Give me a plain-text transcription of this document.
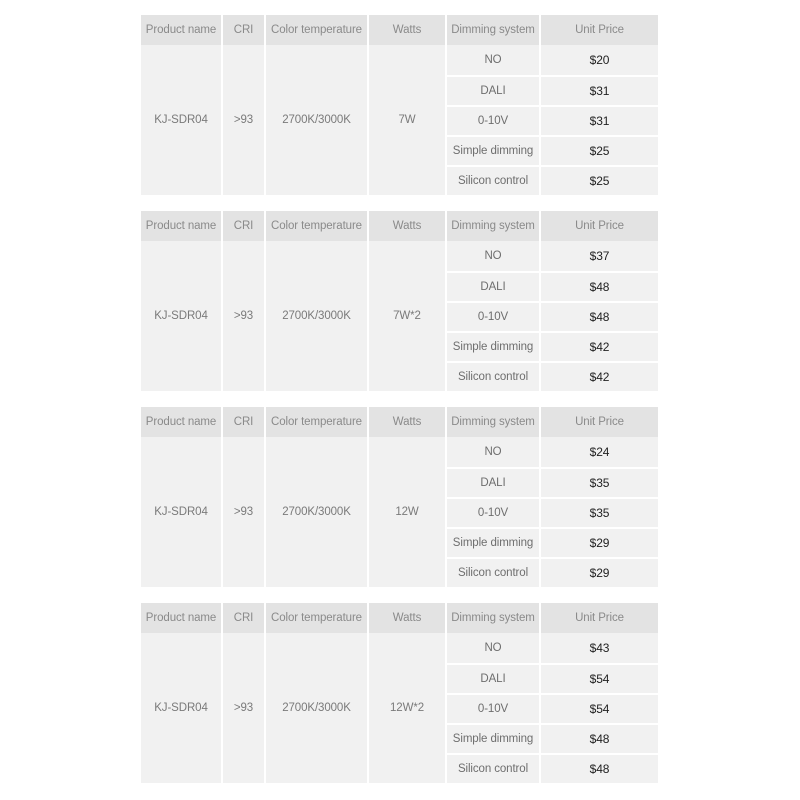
Product name	CRI	Color temperature	Watts	Dimming system	Unit Price
KJ-SDR04	>93	2700K/3000K	7W
NO	$20
DALI	$31
0-10V	$31
Simple dimming	$25
Silicon control	$25
Product name	CRI	Color temperature	Watts	Dimming system	Unit Price
KJ-SDR04	>93	2700K/3000K	7W*2
NO	$37
DALI	$48
0-10V	$48
Simple dimming	$42
Silicon control	$42
Product name	CRI	Color temperature	Watts	Dimming system	Unit Price
KJ-SDR04	>93	2700K/3000K	12W
NO	$24
DALI	$35
0-10V	$35
Simple dimming	$29
Silicon control	$29
Product name	CRI	Color temperature	Watts	Dimming system	Unit Price
KJ-SDR04	>93	2700K/3000K	12W*2
NO	$43
DALI	$54
0-10V	$54
Simple dimming	$48
Silicon control	$48
